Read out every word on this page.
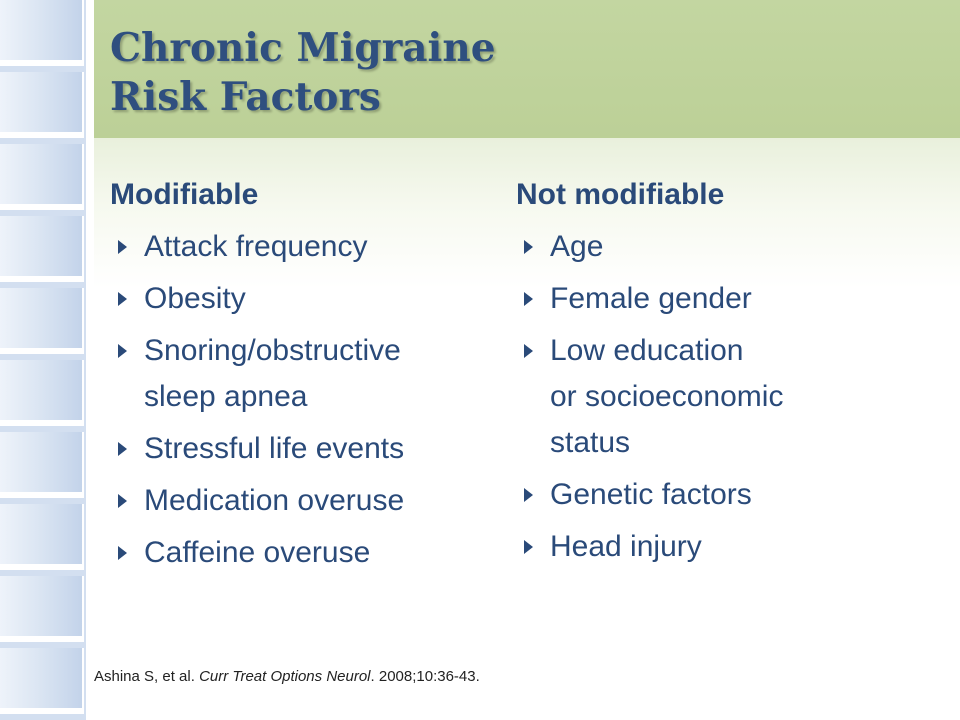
Chronic Migraine
Risk Factors
Modifiable
Attack frequency
Obesity
Snoring/obstructive
sleep apnea
Stressful life events
Medication overuse
Caffeine overuse
Not modifiable
Age
Female gender
Low education
or socioeconomic
status
Genetic factors
Head injury
Ashina S, et al. Curr Treat Options Neurol. 2008;10:36-43.
